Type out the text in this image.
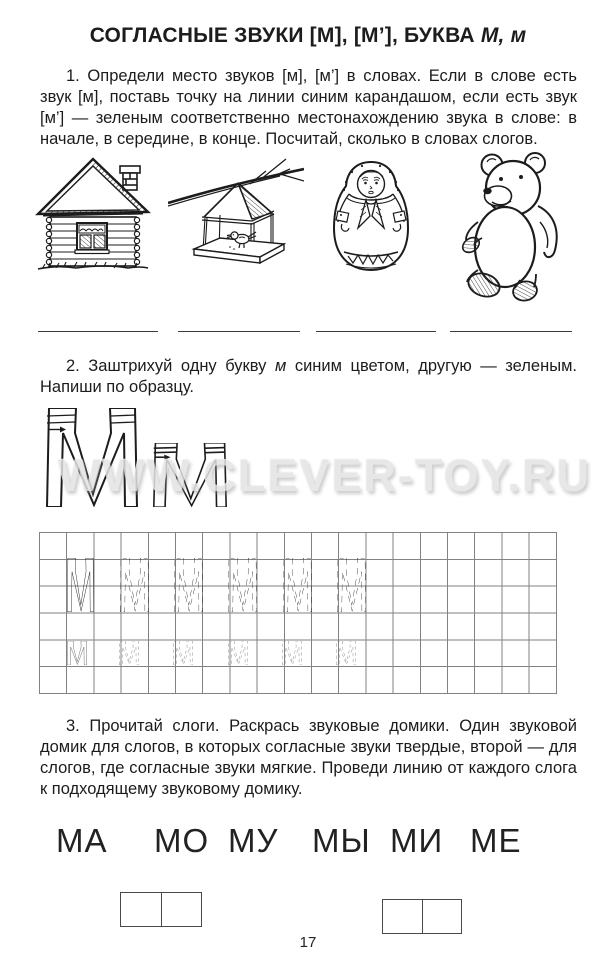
СОГЛАСНЫЕ ЗВУКИ [М], [М’], БУКВА М, м

1. Определи место звуков [м], [м’] в словах. Если в слове есть звук [м], поставь точку на линии синим карандашом, если есть звук [м’] — зеленым соответственно местонахождению звука в слове: в начале, в середине, в конце. Посчитай, сколько в словах слогов.

2. Заштрихуй одну букву м синим цветом, другую — зеленым. Напиши по образцу.

WWW.CLEVER-TOY.RU

3. Прочитай слоги. Раскрась звуковые домики. Один звуковой домик для слогов, в которых согласные звуки твердые, второй — для слогов, где согласные звуки мягкие. Проведи линию от каждого слога к подходящему звуковому домику.

МА МО МУ МЫ МИ МЕ
17
